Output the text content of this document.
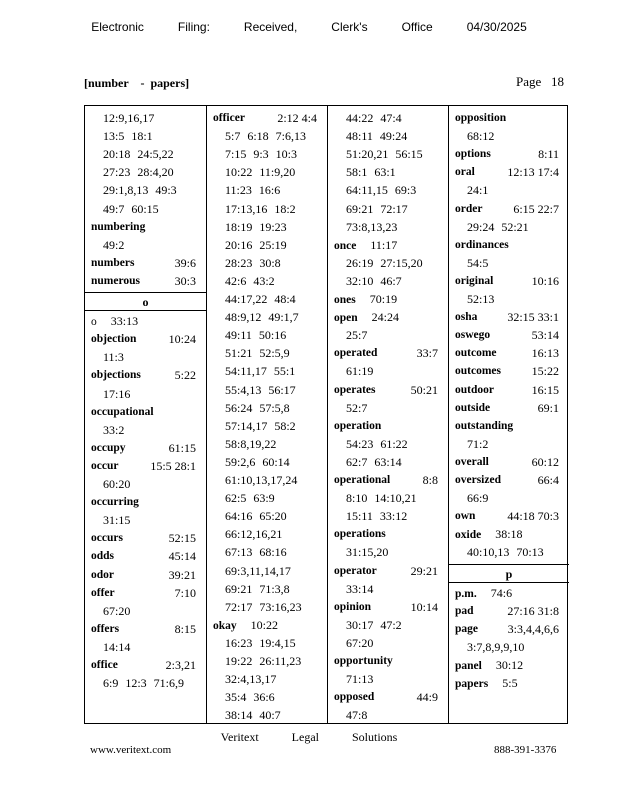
Electronic   Filing:   Received,   Clerk's   Office   04/30/2025
[number    -  papers]	Page   18
12:9,16,17
13:5 18:1
20:18 24:5,22
27:23 28:4,20
29:1,8,13 49:3
49:7 60:15
numbering
49:2
numbers	39:6
numerous	30:3
o
o 33:13
objection	10:24
11:3
objections	5:22
17:16
occupational
33:2
occupy	61:15
occur	15:5 28:1
60:20
occurring
31:15
occurs	52:15
odds	45:14
odor	39:21
offer	7:10
67:20
offers	8:15
14:14
office	2:3,21
6:9 12:3 71:6,9
officer	2:12 4:4
5:7 6:18 7:6,13
7:15 9:3 10:3
10:22 11:9,20
11:23 16:6
17:13,16 18:2
18:19 19:23
20:16 25:19
28:23 30:8
42:6 43:2
44:17,22 48:4
48:9,12 49:1,7
49:11 50:16
51:21 52:5,9
54:11,17 55:1
55:4,13 56:17
56:24 57:5,8
57:14,17 58:2
58:8,19,22
59:2,6 60:14
61:10,13,17,24
62:5 63:9
64:16 65:20
66:12,16,21
67:13 68:16
69:3,11,14,17
69:21 71:3,8
72:17 73:16,23
okay 10:22
16:23 19:4,15
19:22 26:11,23
32:4,13,17
35:4 36:6
38:14 40:7
44:22 47:4
48:11 49:24
51:20,21 56:15
58:1 63:1
64:11,15 69:3
69:21 72:17
73:8,13,23
once 11:17
26:19 27:15,20
32:10 46:7
ones 70:19
open 24:24
25:7
operated	33:7
61:19
operates	50:21
52:7
operation
54:23 61:22
62:7 63:14
operational	8:8
8:10 14:10,21
15:11 33:12
operations
31:15,20
operator	29:21
33:14
opinion	10:14
30:17 47:2
67:20
opportunity
71:13
opposed	44:9
47:8
opposition
68:12
options	8:11
oral	12:13 17:4
24:1
order	6:15 22:7
29:24 52:21
ordinances
54:5
original	10:16
52:13
osha 32:15 33:1
oswego	53:14
outcome	16:13
outcomes	15:22
outdoor	16:15
outside	69:1
outstanding
71:2
overall	60:12
oversized	66:4
66:9
own	44:18 70:3
oxide 38:18
40:10,13 70:13
p
p.m. 74:6
pad	27:16 31:8
page 3:3,4,4,6,6
3:7,8,9,9,10
panel 30:12
papers 5:5
Veritext   Legal   Solutions
www.veritext.com	888-391-3376
